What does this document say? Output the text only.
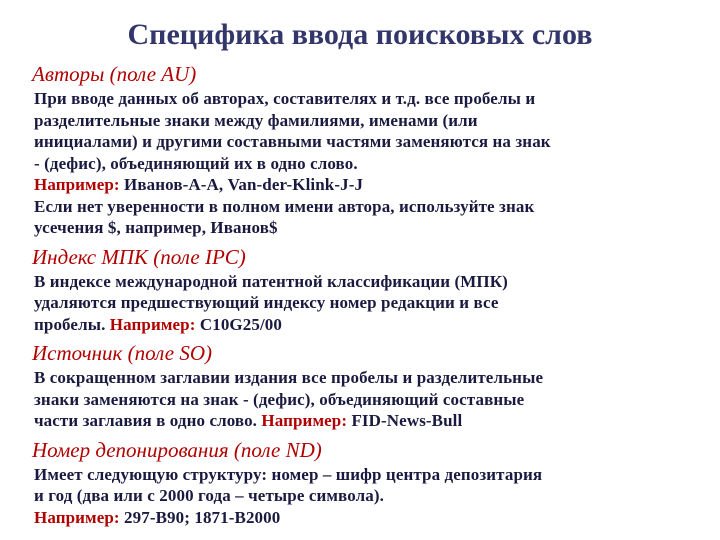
Специфика ввода поисковых слов
Авторы (поле AU)

При вводе данных об авторах, составителях и т.д. все пробелы и

разделительные знаки между фамилиями, именами (или

инициалами) и другими составными частями заменяются на знак

- (дефис), объединяющий их в одно слово.

Например: Иванов-А-А, Van-der-Klink-J-J

Если нет уверенности в полном имени автора, используйте знак

усечения $, например, Иванов$

Индекс МПК (поле IPC)

В индексе международной патентной классификации (МПК)

удаляются предшествующий индексу номер редакции и все

пробелы. Например: C10G25/00

Источник (поле SO)

В сокращенном заглавии издания все пробелы и разделительные

знаки заменяются на знак - (дефис), объединяющий составные

части заглавия в одно слово. Например: FID-News-Bull

Номер депонирования (поле ND)

Имеет следующую структуру: номер – шифр центра депозитария

и год (два или с 2000 года – четыре символа).

Например: 297-B90; 1871-B2000
